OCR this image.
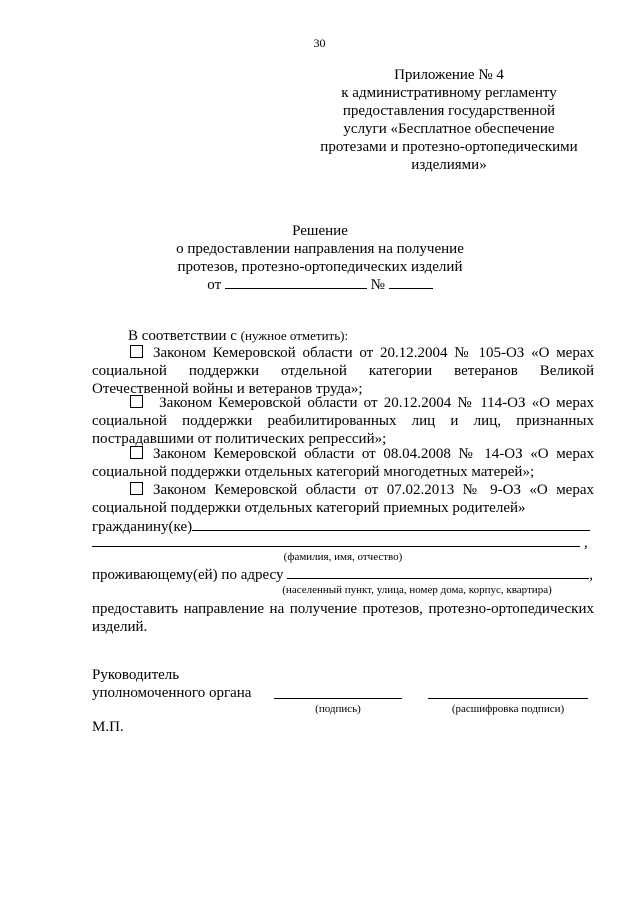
30
Приложение № 4
к административному регламенту
предоставления государственной
услуги «Бесплатное обеспечение
протезами и протезно-ортопедическими
изделиями»
Решение
о предоставлении направления на получение
протезов, протезно-ортопедических изделий
от	№
В соответствии с (нужное отметить):
Законом Кемеровской области от 20.12.2004 № 105-ОЗ «О мерах
социальной поддержки отдельной категории ветеранов Великой
Отечественной войны и ветеранов труда»;
Законом Кемеровской области от 20.12.2004 № 114-ОЗ «О мерах
социальной поддержки реабилитированных лиц и лиц, признанных
пострадавшими от политических репрессий»;
Законом Кемеровской области от 08.04.2008 № 14-ОЗ «О мерах
социальной поддержки отдельных категорий многодетных матерей»;
Законом Кемеровской области от 07.02.2013 № 9-ОЗ «О мерах
социальной поддержки отдельных категорий приемных родителей»
гражданину(ке)
,
(фамилия, имя, отчество)
проживающему(ей) по адресу	,
(населенный пункт, улица, номер дома, корпус, квартира)
предоставить направление на получение протезов, протезно-ортопедических
изделий.
Руководитель
уполномоченного органа
(подпись)	(расшифровка подписи)
М.П.
